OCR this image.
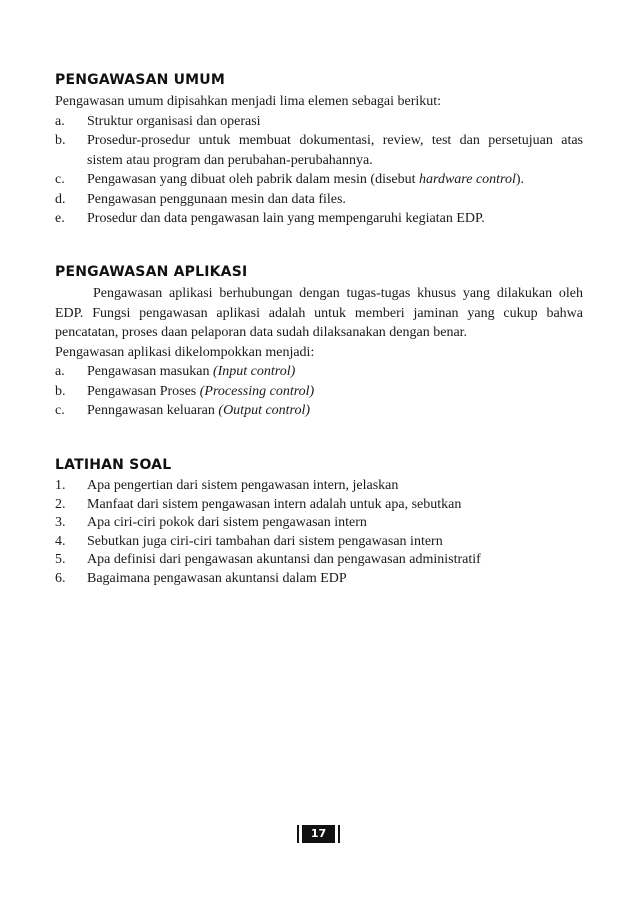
PENGAWASAN UMUM

Pengawasan umum dipisahkan menjadi lima elemen sebagai berikut:

a.	Struktur organisasi dan operasi
b.	Prosedur-prosedur untuk membuat dokumentasi, review, test dan persetujuan atas sistem atau program dan perubahan-perubahannya.
c.	Pengawasan yang dibuat oleh pabrik dalam mesin (disebut hardware control).
d.	Pengawasan penggunaan mesin dan data files.
e.	Prosedur dan data pengawasan lain yang mempengaruhi kegiatan EDP.
PENGAWASAN APLIKASI

Pengawasan aplikasi berhubungan dengan tugas-tugas khusus yang dilakukan oleh EDP. Fungsi pengawasan aplikasi adalah untuk memberi jaminan yang cukup bahwa pencatatan, proses daan pelaporan data sudah dilaksanakan dengan benar.

Pengawasan aplikasi dikelompokkan menjadi:

a.	Pengawasan masukan (Input control)
b.	Pengawasan Proses (Processing control)
c.	Penngawasan keluaran (Output control)
LATIHAN SOAL
1.	Apa pengertian dari sistem pengawasan intern, jelaskan
2.	Manfaat dari sistem pengawasan intern adalah untuk apa, sebutkan
3.	Apa ciri-ciri pokok dari sistem pengawasan intern
4.	Sebutkan juga ciri-ciri tambahan dari sistem pengawasan intern
5.	Apa definisi dari pengawasan akuntansi dan pengawasan administratif
6.	Bagaimana pengawasan akuntansi dalam EDP
17
